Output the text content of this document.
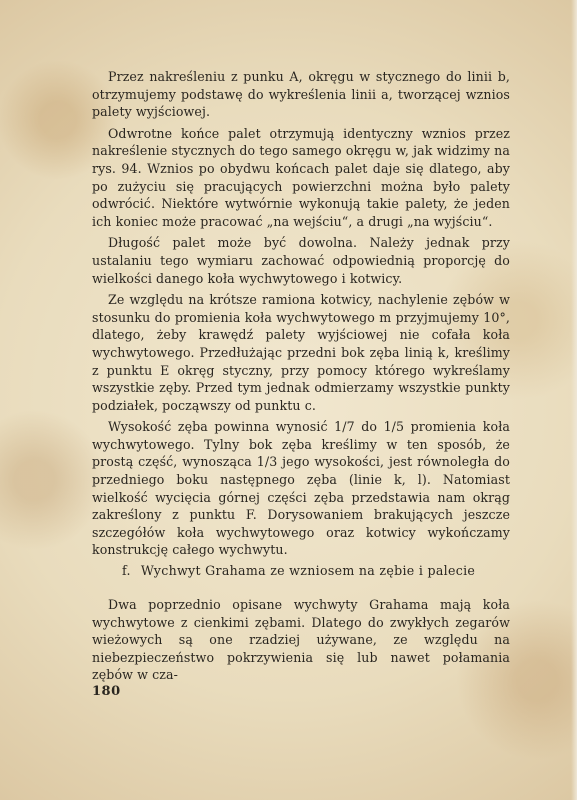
Przez nakreśleniu z punku A, okręgu w stycznego do linii b, otrzymujemy podstawę do wykreślenia linii a, tworzącej wznios palety wyjściowej.

Odwrotne końce palet otrzymują identyczny wznios przez nakreślenie stycznych do tego samego okręgu w, jak widzimy na rys. 94. Wznios po obydwu końcach palet daje się dlatego, aby po zużyciu się pracujących powierzchni można było palety odwrócić. Niektóre wytwórnie wykonują takie palety, że jeden ich koniec może pracować „na wejściu“, a drugi „na wyjściu“.

Długość palet może być dowolna. Należy jednak przy ustalaniu tego wymiaru zachować odpowiednią proporcję do wielkości danego koła wychwytowego i kotwicy.

Ze względu na krótsze ramiona kotwicy, nachylenie zębów w stosunku do promienia koła wychwytowego m przyjmujemy 10°, dlatego, żeby krawędź palety wyjściowej nie cofała koła wychwytowego. Przedłużając przedni bok zęba linią k, kreślimy z punktu E okręg styczny, przy pomocy którego wykreślamy wszystkie zęby. Przed tym jednak odmierzamy wszystkie punkty podziałek, począwszy od punktu c.

Wysokość zęba powinna wynosić 1/7 do 1/5 promienia koła wychwytowego. Tylny bok zęba kreślimy w ten sposób, że prostą część, wynosząca 1/3 jego wysokości, jest równoległa do przedniego boku następnego zęba (linie k, l). Natomiast wielkość wycięcia górnej części zęba przedstawia nam okrąg zakreślony z punktu F. Dorysowaniem brakujących jeszcze szczegółów koła wychwytowego oraz kotwicy wykończamy konstrukcję całego wychwytu.

f. Wychwyt Grahama ze wzniosem na zębie i palecie

Dwa poprzednio opisane wychwyty Grahama mają koła wychwytowe z cienkimi zębami. Dlatego do zwykłych zegarów wieżowych są one rzadziej używane, ze względu na niebezpieczeństwo pokrzywienia się lub nawet połamania zębów w cza-

180
